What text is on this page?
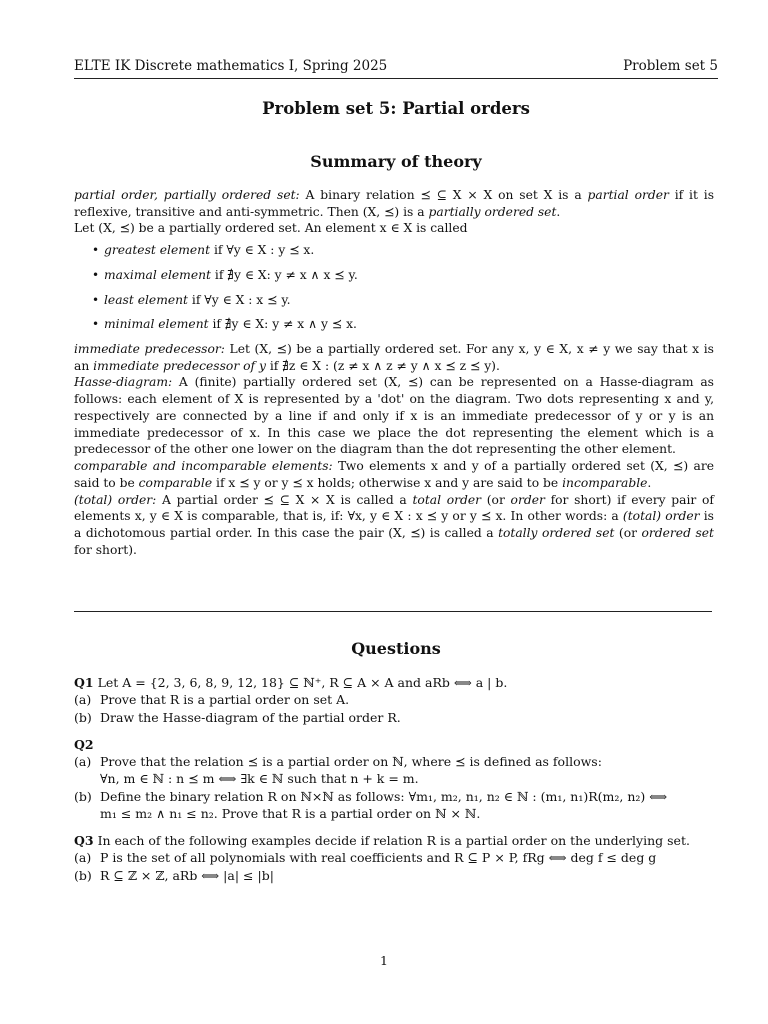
ELTE IK Discrete mathematics I, Spring 2025	Problem set 5
Problem set 5: Partial orders
Summary of theory

partial order, partially ordered set: A binary relation ⪯ ⊆ X × X on set X is a partial order if it is reflexive, transitive and anti-symmetric. Then (X, ⪯) is a partially ordered set.

Let (X, ⪯) be a partially ordered set. An element x ∈ X is called

• greatest element if ∀y ∈ X : y ⪯ x.
• maximal element if ∄y ∈ X: y ≠ x ∧ x ⪯ y.
• least element if ∀y ∈ X : x ⪯ y.
• minimal element if ∄y ∈ X: y ≠ x ∧ y ⪯ x.

immediate predecessor: Let (X, ⪯) be a partially ordered set. For any x, y ∈ X, x ≠ y we say that x is an immediate predecessor of y if ∄z ∈ X : (z ≠ x ∧ z ≠ y ∧ x ⪯ z ⪯ y).

Hasse-diagram: A (finite) partially ordered set (X, ⪯) can be represented on a Hasse-diagram as follows: each element of X is represented by a 'dot' on the diagram. Two dots representing x and y, respectively are connected by a line if and only if x is an immediate predecessor of y or y is an immediate predecessor of x. In this case we place the dot representing the element which is a predecessor of the other one lower on the diagram than the dot representing the other element.

comparable and incomparable elements: Two elements x and y of a partially ordered set (X, ⪯) are said to be comparable if x ⪯ y or y ⪯ x holds; otherwise x and y are said to be incomparable.

(total) order: A partial order ⪯ ⊆ X × X is called a total order (or order for short) if every pair of elements x, y ∈ X is comparable, that is, if: ∀x, y ∈ X : x ⪯ y or y ⪯ x. In other words: a (total) order is a dichotomous partial order. In this case the pair (X, ⪯) is called a totally ordered set (or ordered set for short).

Questions

Q1 Let A = {2, 3, 6, 8, 9, 12, 18} ⊆ ℕ⁺, R ⊆ A × A and aRb ⟺ a | b.

(a) Prove that R is a partial order on set A.
(b) Draw the Hasse-diagram of the partial order R.

Q2

(a) Prove that the relation ⪯ is a partial order on ℕ, where ⪯ is defined as follows:
∀n, m ∈ ℕ : n ⪯ m ⟺ ∃k ∈ ℕ such that n + k = m.
(b) Define the binary relation R on ℕ×ℕ as follows: ∀m₁, m₂, n₁, n₂ ∈ ℕ : (m₁, n₁)R(m₂, n₂) ⟺
m₁ ≤ m₂ ∧ n₁ ≤ n₂. Prove that R is a partial order on ℕ × ℕ.

Q3 In each of the following examples decide if relation R is a partial order on the underlying set.

(a) P is the set of all polynomials with real coefficients and R ⊆ P × P, fRg ⟺ deg f ≤ deg g
(b) R ⊆ ℤ × ℤ, aRb ⟺ |a| ≤ |b|
1
